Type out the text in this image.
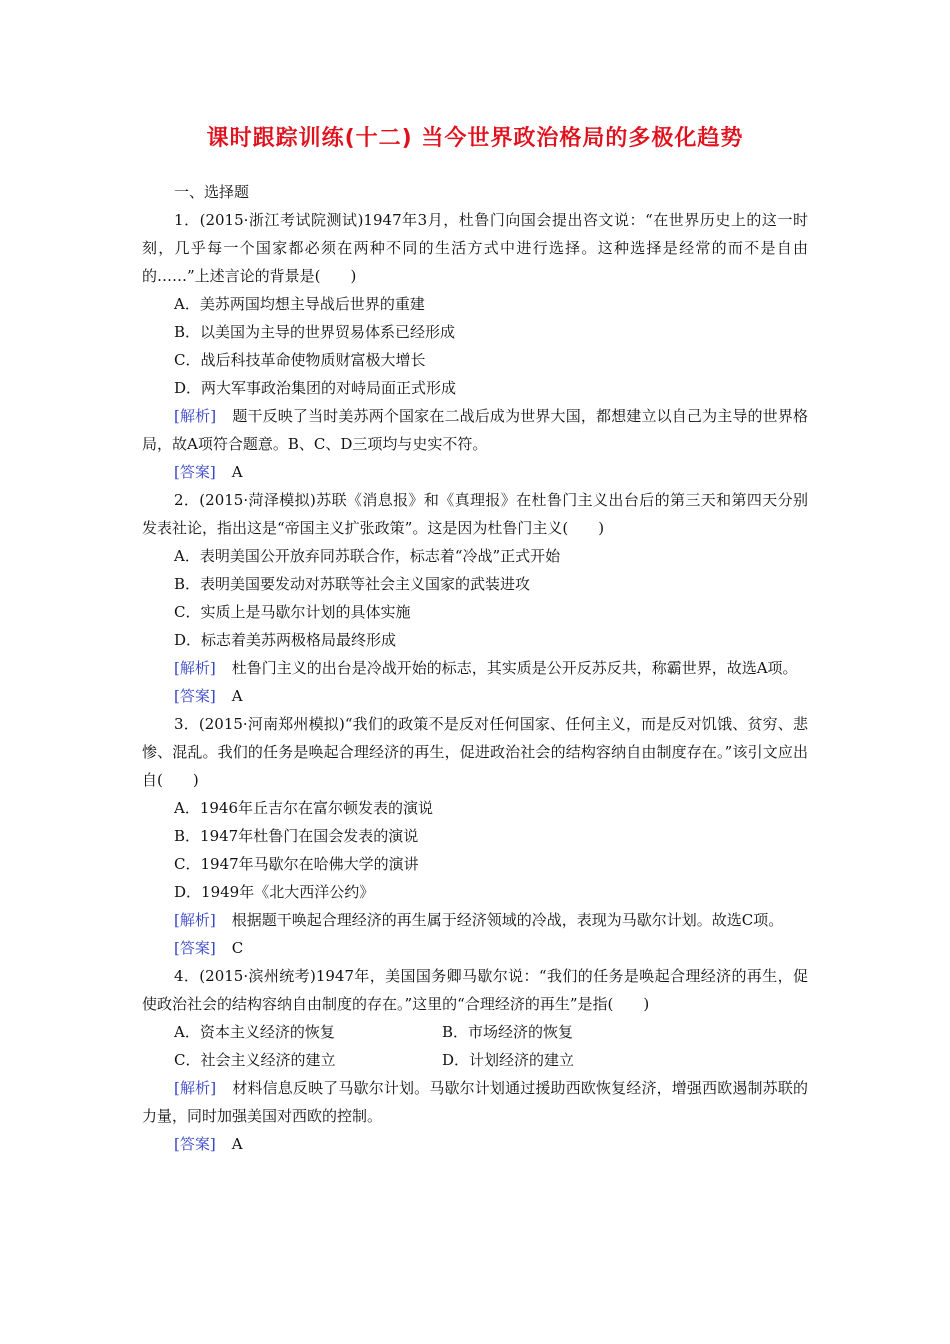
课时跟踪训练(十二) 当今世界政治格局的多极化趋势
一、选择题
1．(2015·浙江考试院测试)1947年3月，杜鲁门向国会提出咨文说：“在世界历史上的这一时刻，几乎每一个国家都必须在两种不同的生活方式中进行选择。这种选择是经常的而不是自由的……”上述言论的背景是(　　)
A．美苏两国均想主导战后世界的重建
B．以美国为主导的世界贸易体系已经形成
C．战后科技革命使物质财富极大增长
D．两大军事政治集团的对峙局面正式形成
[解析] 题干反映了当时美苏两个国家在二战后成为世界大国，都想建立以自己为主导的世界格局，故A项符合题意。B、C、D三项均与史实不符。
[答案] A
2．(2015·菏泽模拟)苏联《消息报》和《真理报》在杜鲁门主义出台后的第三天和第四天分别发表社论，指出这是“帝国主义扩张政策”。这是因为杜鲁门主义(　　)
A．表明美国公开放弃同苏联合作，标志着“冷战”正式开始
B．表明美国要发动对苏联等社会主义国家的武装进攻
C．实质上是马歇尔计划的具体实施
D．标志着美苏两极格局最终形成
[解析] 杜鲁门主义的出台是冷战开始的标志，其实质是公开反苏反共，称霸世界，故选A项。
[答案] A
3．(2015·河南郑州模拟)“我们的政策不是反对任何国家、任何主义，而是反对饥饿、贫穷、悲惨、混乱。我们的任务是唤起合理经济的再生，促进政治社会的结构容纳自由制度存在。”该引文应出自(　　)
A．1946年丘吉尔在富尔顿发表的演说
B．1947年杜鲁门在国会发表的演说
C．1947年马歇尔在哈佛大学的演讲
D．1949年《北大西洋公约》
[解析] 根据题干唤起合理经济的再生属于经济领域的冷战，表现为马歇尔计划。故选C项。
[答案] C
4．(2015·滨州统考)1947年，美国国务卿马歇尔说：“我们的任务是唤起合理经济的再生，促使政治社会的结构容纳自由制度的存在。”这里的“合理经济的再生”是指(　　)
A．资本主义经济的恢复	B．市场经济的恢复
C．社会主义经济的建立	D．计划经济的建立
[解析] 材料信息反映了马歇尔计划。马歇尔计划通过援助西欧恢复经济，增强西欧遏制苏联的力量，同时加强美国对西欧的控制。
[答案] A
